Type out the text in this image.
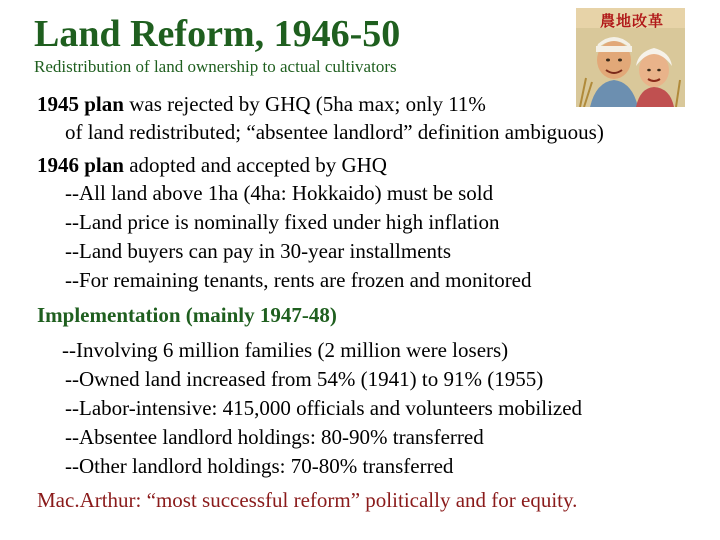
Land Reform, 1946-50
Redistribution of land ownership to actual cultivators
農地改革
1945 plan was rejected by GHQ (5ha max; only 11%
of land redistributed; “absentee landlord” definition ambiguous)
1946 plan adopted and accepted by GHQ
--All land above 1ha (4ha: Hokkaido) must be sold
--Land price is nominally fixed under high inflation
--Land buyers can pay in 30-year installments
--For remaining tenants, rents are frozen and monitored
Implementation (mainly 1947-48)
--Involving 6 million families (2 million were losers)
--Owned land increased from 54% (1941) to 91% (1955)
--Labor-intensive: 415,000 officials and volunteers mobilized
--Absentee landlord holdings: 80-90% transferred
--Other landlord holdings: 70-80% transferred
Mac.Arthur: “most successful reform” politically and for equity.
